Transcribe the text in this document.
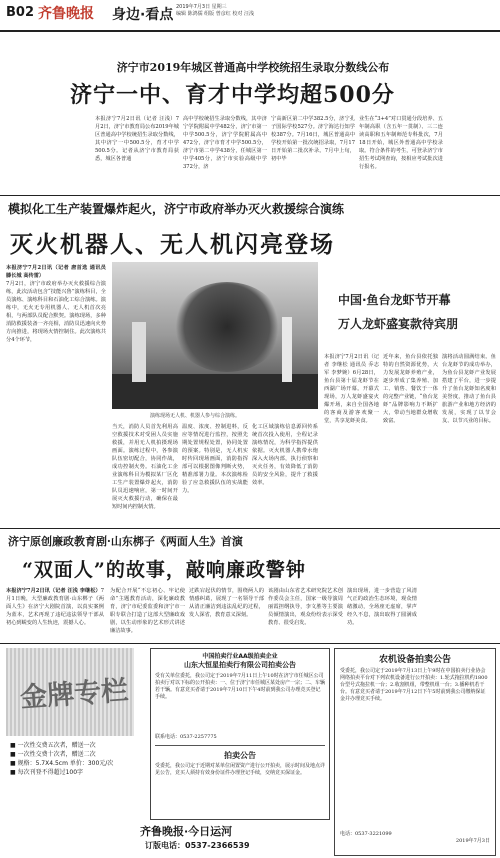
B02 齐鲁晚报 身边·看点 2019年7月3日 星期三
编辑 陈鸿儒 组版 曾彦红 校对 汪浅
济宁市2019年城区普通高中学校统招生录取分数线公布
济宁一中、育才中学均超500分
本报济宁7月2日讯（记者 汪浅）7月2日，济宁市教育局公布2019年城区普通高中学校统招生录取分数线，其中济宁一中500.5分，育才中学500.5分。记者从济宁市教育局获悉，城区各普通
高中学校统招生录取分数线，其中济宁学院附属中学482分，济宁市第一中学500.5分，济宁学院附属高中472分，济宁市育才中学500.5分，济宁市第二中学438分，任城区第一中学405分，济宁市实验高级中学372分，济
宁高新区第二中学382.5分，济宁孔子国际学校527分。济宁海达行知学校387分。7月16日，城区普通高中学校开始第一批次统招录取，7月17日开始第二批次补录。7月中上旬，初中毕
业生在“3+4”对口贯通分段培养、五年制高职（含五年一贯制）、三二连读高职和五年制师范专科批次，7月18日开始，城区外普通高中学校录取。符合条件的考生，可登录济宁市招生考试网查询，按相应考试批次进行报名。
模拟化工生产装置爆炸起火，济宁市政府举办灭火救援综合演练
灭火机器人、无人机闪亮登场
本报济宁7月2日讯（记者 唐首选 通讯员 滕长城 高传雷）
7月2日，济宁市政府举办灭火救援综合演练，此次活动包含“技能兴鲁”演练科目，全员演练、演练科目和石油化工综合演练。演练中，无火无专用机器人、无人机首次亮相，与两部队员配合默契。演练现场，多种消防救援装备一齐亮相，消防员迅速向火势方向推进，将现场火情控制住。此次演练共分4个环节，
演练现场无人机、机器人参与综合演练。
当天，消防人员首先利用高空救援技术对受困人员实施救援，并用无人机拍摄现场画面。演练过程中，各参演队伍密切配合，协同作战，成功控制火势。石油化工企业演练科目为模拟某厂区化工生产装置爆炸起火，消防队员迅速响应，第一时间开展灭火救援行动，确保在最短时间内控制火情。
温度、浓度、控制进料，反应等情况进行监控，按照先期处置规程处置，协同处置的预案。特别是，无人机实时传回现场画面，消防指挥部可以根据图像判断火势，精准部署力量。本次演练检验了应急救援队伍的实战能力。
化工区域演练信息源回传系统首次投入使用，全程记录演练情况，为科学指挥提供依据。灭火机器人携带水炮深入火场内部，执行侦察和灭火任务，有效降低了消防员的安全风险，提升了救援效率。
中国·鱼台龙虾节开幕
万人龙虾盛宴款待宾朋
本报济宁7月2日讯（记者 李继松 通讯员 乔志军 李梦婉）6月28日，鱼台县第十届龙虾节在西湖广场开幕。开幕式现场，万人龙虾盛宴火爆开场，来自全国各地的客商及游客欢聚一堂，共享龙虾美食。
近年来，鱼台县依托独特的自然资源优势，大力发展龙虾养殖产业，逐步形成了集养殖、加工、销售、餐饮于一体的完整产业链，“鱼台龙虾”品牌影响力不断扩大，带动当地群众增收致富。
演将活动圆满结束。鱼台龙虾节的成功举办，为鱼台县龙虾产业发展搭建了平台，进一步提升了鱼台龙虾知名度和美誉度，推动了鱼台县旅游产业和地方经济的发展，实现了以节会友、以节兴业的目标。
济宁原创廉政教育剧·山东梆子《两面人生》首演
“双面人”的故事，敲响廉政警钟
本报济宁7月2日讯（记者 汪浅 李继松）7月1日晚，大型廉政教育剧·山东梆子《两面人生》在济宁大剧院首演，以真实案例为蓝本，艺术再现了违纪违法领导干部从初心到蜕变的人生轨迹，震撼人心。
为配合开展“不忘初心、牢记使命”主题教育活动，深化廉政教育，济宁市纪委监委和济宁市一职专联合打造了这部大型廉政戏剧，以生动形象的艺术形式讲述廉洁故事。
过跌宕起伏的情节，围绕两人的情感纠葛，展现了一名领导干部从清正廉洁到违法乱纪的过程，发人深省，教育意义深刻。
该剧由山东省艺术研究院艺术创作委员会主任，国家一级导演周丽霞担纲执导，李文胜等主要演员倾情演出，观众纷纷表示深受教育、很受启发。
演出现场，进一步营造了风清气正的政治生态环境，观众情绪激动，全场座无虚席，掌声经久不息，演出取得了圆满成功。
金牌专栏
■ 一次性交费五次者，赠送一次
■ 一次性交费十次者，赠送二次
■ 规格：5.7X4.5cm 单价：300元/次
■ 每次刊登不得超过100字
齐鲁晚报·今日运河
订版电话：0537-2366539
中国拍卖行业AA级拍卖企业
山东大恒星拍卖行有限公司拍卖公告
受有关单位委托，我公司定于2019年7月11日上午10时在济宁市任城区公司拍卖厅对以下标的公开拍卖：一、位于济宁市任城区某处房产一宗；二、车辆若干辆。有意竞买者请于2019年7月10日下午4时前到我公司办理竞买登记手续。
联系电话：0537-2257775
拍卖公告
受委托，我公司定于近期对某单位闲置资产进行公开拍卖，展示时间及地点详见公告，竞买人须持有效身份证件办理登记手续，交纳竞买保证金。
农机设备拍卖公告
受委托，我公司定于2019年7月13日上午9时在中国拍卖行业协会网络拍卖平台对下列农机设备进行公开拍卖：1.轮式拖拉机约1800台型号式拖拉机一台；2.收割机组，带整机组一台；3.播种机若干台。有意竞买者请于2019年7月12日下午5时前到我公司缴纳保证金并办理竞买手续。
电话：0537-3221099
2019年7月3日
